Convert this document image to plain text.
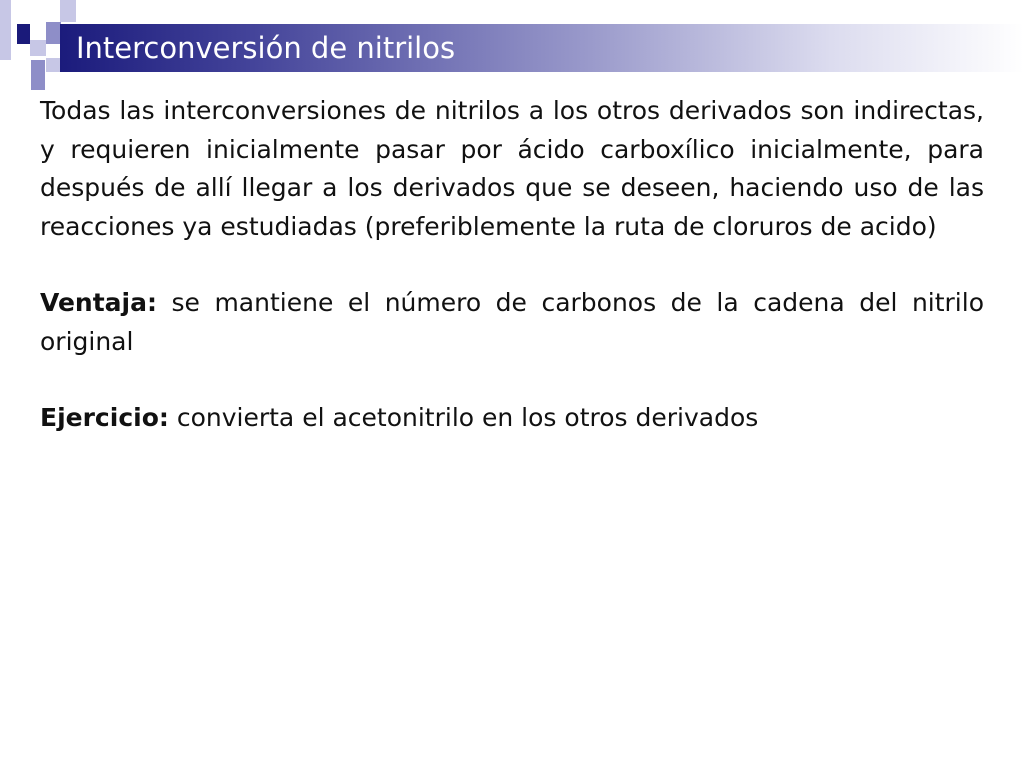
Interconversión de nitrilos

Todas las interconversiones de nitrilos a los otros derivados son indirectas, y requieren inicialmente pasar por ácido carboxílico inicialmente, para después de allí llegar a los derivados que se deseen, haciendo uso de las reacciones ya estudiadas (preferiblemente la ruta de cloruros de acido)

Ventaja: se mantiene el número de carbonos de la cadena del nitrilo original

Ejercicio: convierta el acetonitrilo en los otros derivados
